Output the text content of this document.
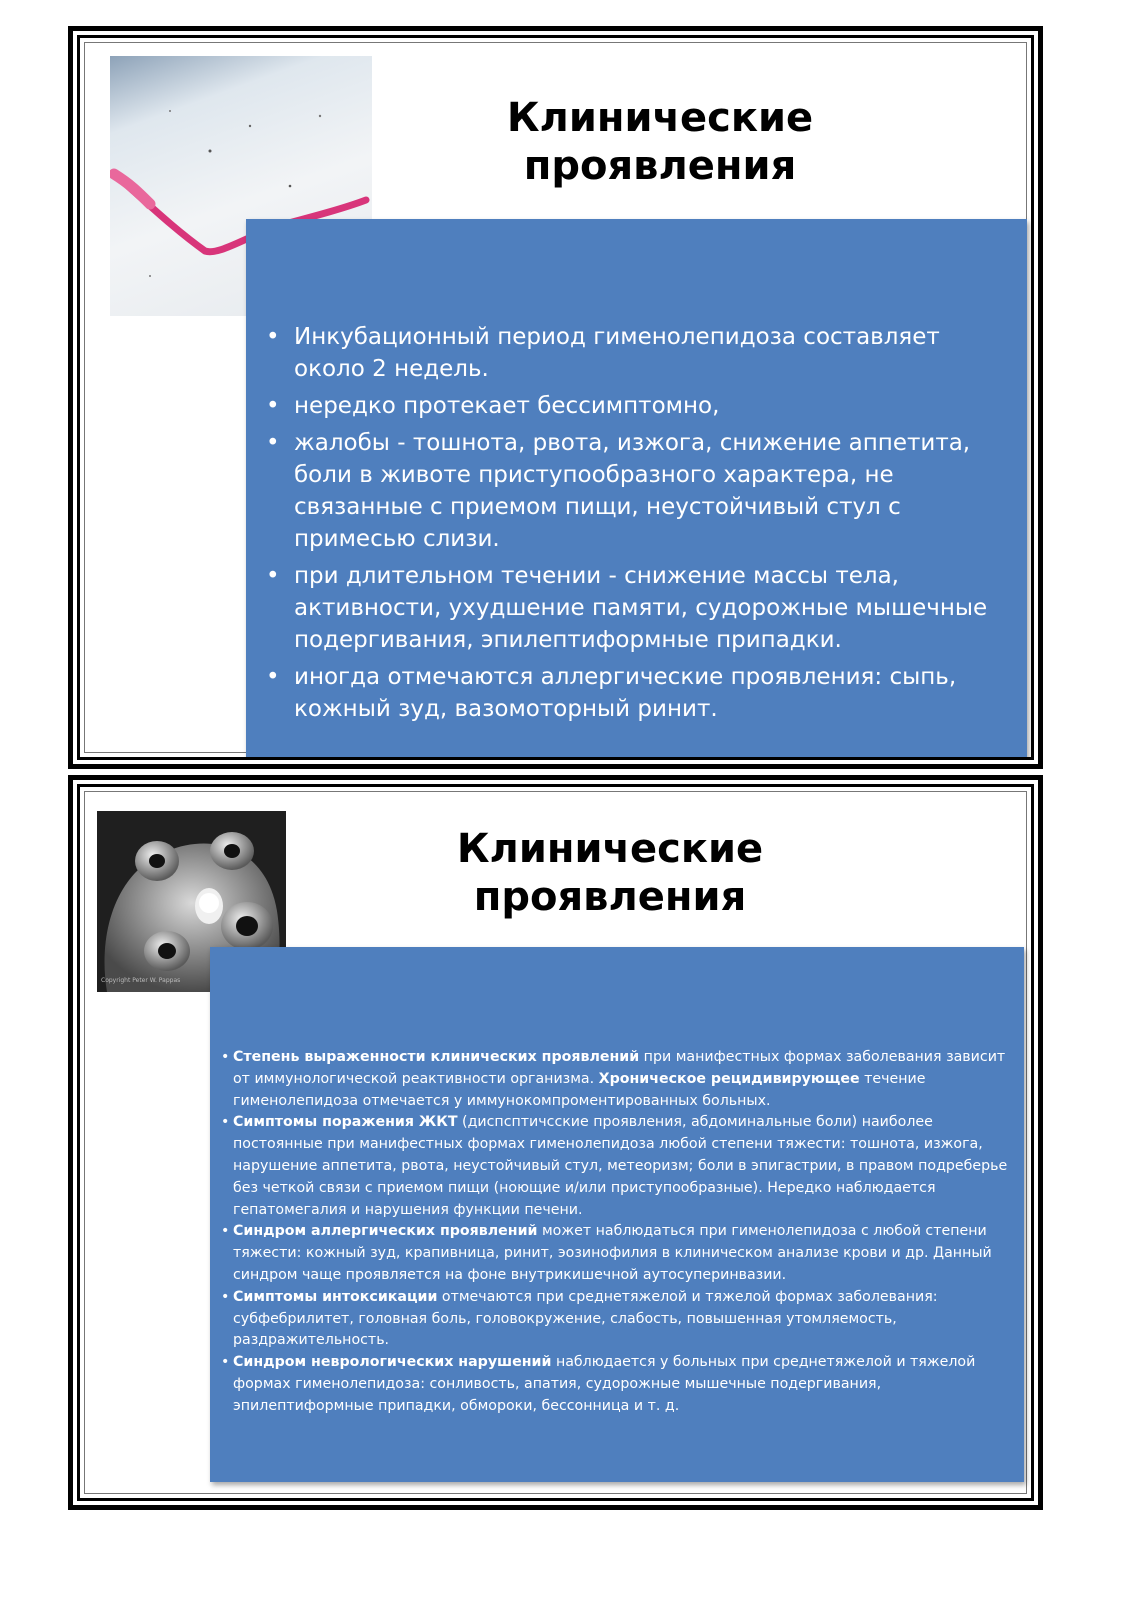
Клинические
проявления
• Инкубационный период гименолепидоза составляет около 2 недель.
• нередко протекает бессимптомно,
• жалобы - тошнота, рвота, изжога, снижение аппетита, боли в животе приступообразного характера, не связанные с приемом пищи, неустойчивый стул с примесью слизи.
• при длительном течении - снижение массы тела, активности, ухудшение памяти, судорожные мышечные подергивания, эпилептиформные припадки.
• иногда отмечаются аллергические проявления: сыпь, кожный зуд, вазомоторный ринит.
Copyright Peter W. Pappas
Клинические
проявления
• Степень выраженности клинических проявлений при манифестных формах заболевания зависит от иммунологической реактивности организма. Хроническое рецидивирующее течение гименолепидоза отмечается у иммунокомпроментированных больных.
• Симптомы поражения ЖКТ (диспсптичсские проявления, абдоминальные боли) наиболее постоянные при манифестных формах гименолепидоза любой степени тяжести: тошнота, изжога, нарушение аппетита, рвота, неустойчивый стул, метеоризм; боли в эпигастрии, в правом подреберье без четкой связи с приемом пищи (ноющие и/или приступообразные). Нередко наблюдается гепатомегалия и нарушения функции печени.
• Синдром аллергических проявлений может наблюдаться при гименолепидоза с любой степени тяжести: кожный зуд, крапивница, ринит, эозинофилия в клиническом анализе крови и др. Данный синдром чаще проявляется на фоне внутрикишечной аутосуперинвазии.
• Симптомы интоксикации отмечаются при среднетяжелой и тяжелой формах заболевания: субфебрилитет, головная боль, головокружение, слабость, повышенная утомляемость, раздражительность.
• Синдром неврологических нарушений наблюдается у больных при среднетяжелой и тяжелой формах гименолепидоза: сонливость, апатия, судорожные мышечные подергивания, эпилептиформные припадки, обмороки, бессонница и т. д.
